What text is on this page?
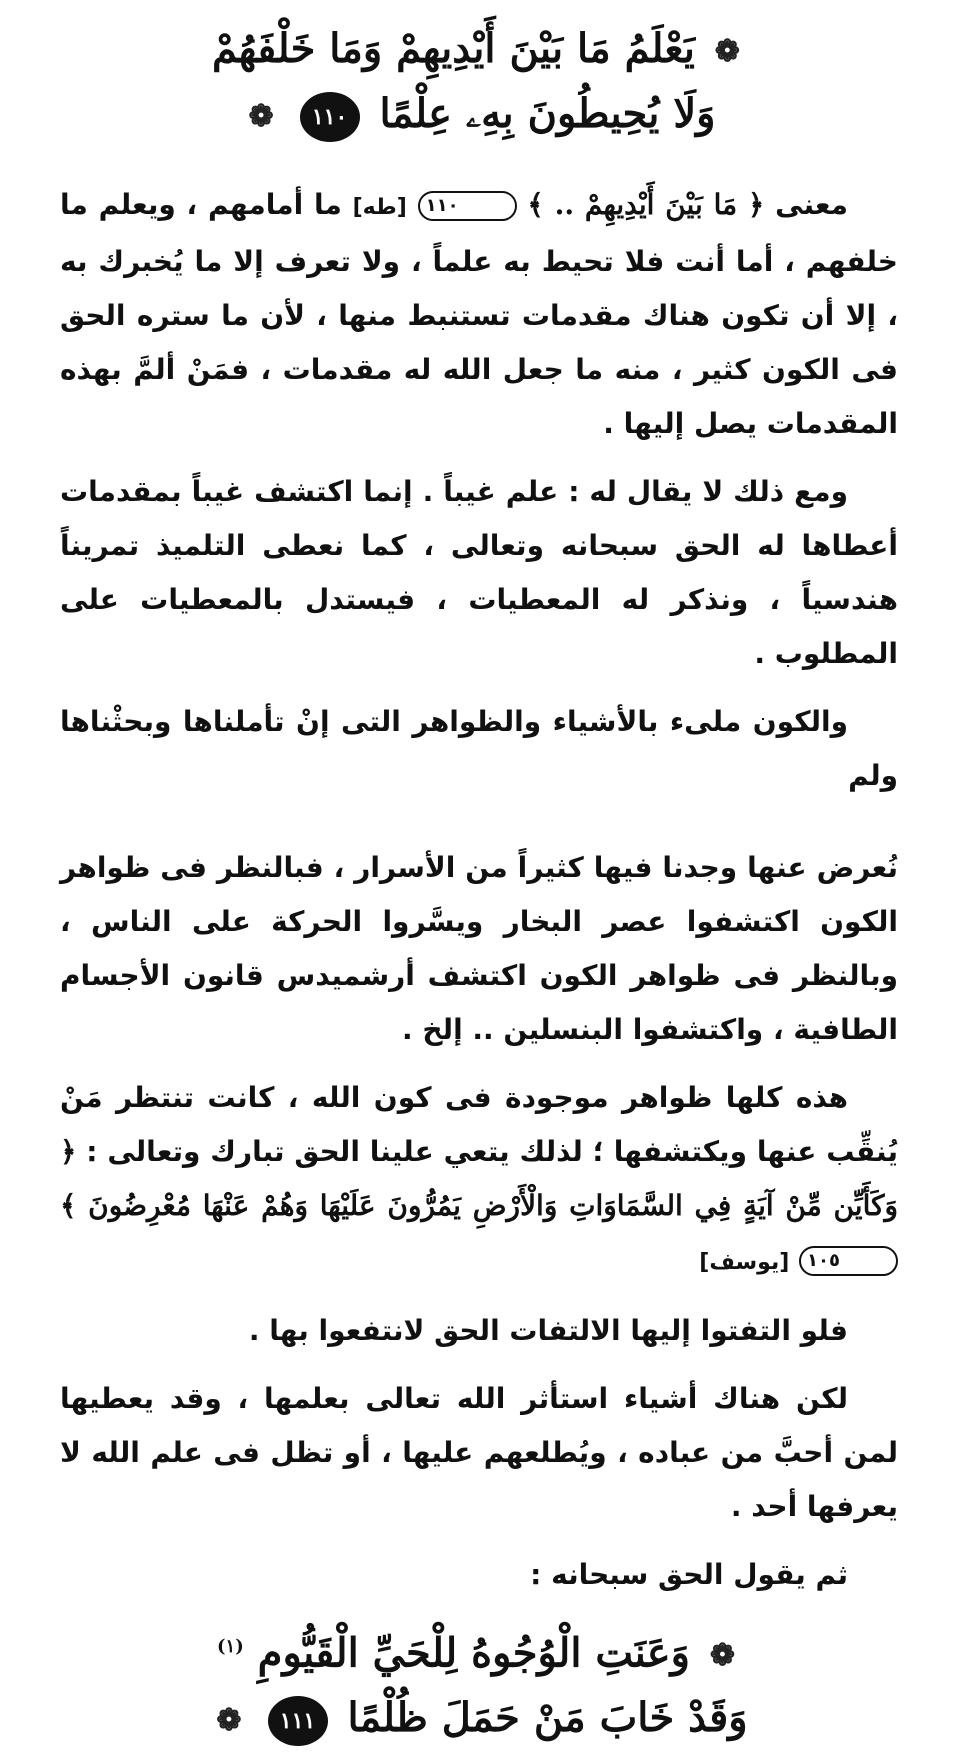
❁ يَعْلَمُ مَا بَيْنَ أَيْدِيهِمْ وَمَا خَلْفَهُمْ
وَلَا يُحِيطُونَ بِهِۦ عِلْمًا ١١٠ ❁

معنى ﴿ مَا بَيْنَ أَيْدِيهِمْ .. ﴾ ١١٠ [طه] ما أمامهم ، ويعلم ما خلفهم ، أما أنت فلا تحيط به علماً ، ولا تعرف إلا ما يُخبرك به ، إلا أن تكون هناك مقدمات تستنبط منها ، لأن ما ستره الحق فى الكون كثير ، منه ما جعل الله له مقدمات ، فمَنْ ألمَّ بهذه المقدمات يصل إليها .

ومع ذلك لا يقال له : علم غيباً . إنما اكتشف غيباً بمقدمات أعطاها له الحق سبحانه وتعالى ، كما نعطى التلميذ تمريناً هندسياً ، ونذكر له المعطيات ، فيستدل بالمعطيات على المطلوب .

والكون ملىء بالأشياء والظواهر التى إنْ تأملناها وبحثْناها ولم

نُعرض عنها وجدنا فيها كثيراً من الأسرار ، فبالنظر فى ظواهر الكون اكتشفوا عصر البخار ويسَّروا الحركة على الناس ، وبالنظر فى ظواهر الكون اكتشف أرشميدس قانون الأجسام الطافية ، واكتشفوا البنسلين .. إلخ .

هذه كلها ظواهر موجودة فى كون الله ، كانت تنتظر مَنْ يُنقِّب عنها ويكتشفها ؛ لذلك يتعي علينا الحق تبارك وتعالى : ﴿ وَكَأَيِّن مِّنْ آيَةٍ فِي السَّمَاوَاتِ وَالْأَرْضِ يَمُرُّونَ عَلَيْهَا وَهُمْ عَنْهَا مُعْرِضُونَ ﴾ ١٠٥ [يوسف]

فلو التفتوا إليها الالتفات الحق لانتفعوا بها .

لكن هناك أشياء استأثر الله تعالى بعلمها ، وقد يعطيها لمن أحبَّ من عباده ، ويُطلعهم عليها ، أو تظل فى علم الله لا يعرفها أحد .

ثم يقول الحق سبحانه :

❁ وَعَنَتِ الْوُجُوهُ لِلْحَيِّ الْقَيُّومِ $^{(١)}$
وَقَدْ خَابَ مَنْ حَمَلَ ظُلْمًا ١١١ ❁
